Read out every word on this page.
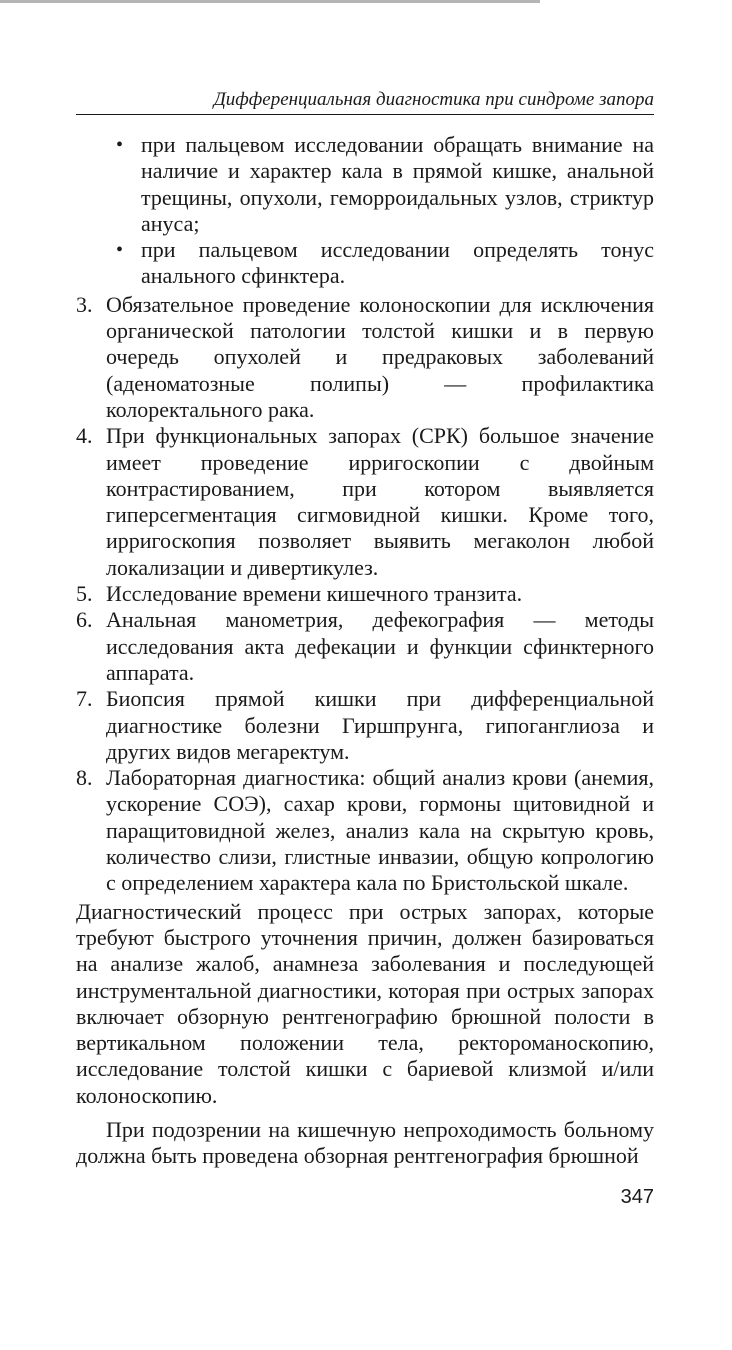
Дифференциальная диагностика при синдроме запора
• при пальцевом исследовании обращать внимание на наличие и характер кала в прямой кишке, анальной трещины, опухоли, геморроидальных узлов, стриктур ануса;
• при пальцевом исследовании определять тонус анального сфинктера.
3. Обязательное проведение колоноскопии для исключения органической патологии толстой кишки и в первую очередь опухолей и предраковых заболеваний (аденоматозные полипы) — профилактика колоректального рака.
4. При функциональных запорах (СРК) большое значение имеет проведение ирригоскопии с двойным контрастированием, при котором выявляется гиперсегментация сигмовидной кишки. Кроме того, ирригоскопия позволяет выявить мегаколон любой локализации и дивертикулез.
5. Исследование времени кишечного транзита.
6. Анальная манометрия, дефекография — методы исследования акта дефекации и функции сфинктерного аппарата.
7. Биопсия прямой кишки при дифференциальной диагностике болезни Гиршпрунга, гипоганглиоза и других видов мегаректум.
8. Лабораторная диагностика: общий анализ крови (анемия, ускорение СОЭ), сахар крови, гормоны щитовидной и паращитовидной желез, анализ кала на скрытую кровь, количество слизи, глистные инвазии, общую копрологию с определением характера кала по Бристольской шкале.

Диагностический процесс при острых запорах, которые требуют быстрого уточнения причин, должен базироваться на анализе жалоб, анамнеза заболевания и последующей инструментальной диагностики, которая при острых запорах включает обзорную рентгенографию брюшной полости в вертикальном положении тела, ректороманоскопию, исследование толстой кишки с бариевой клизмой и/или колоноскопию.

При подозрении на кишечную непроходимость больному должна быть проведена обзорная рентгенография брюшной

347
